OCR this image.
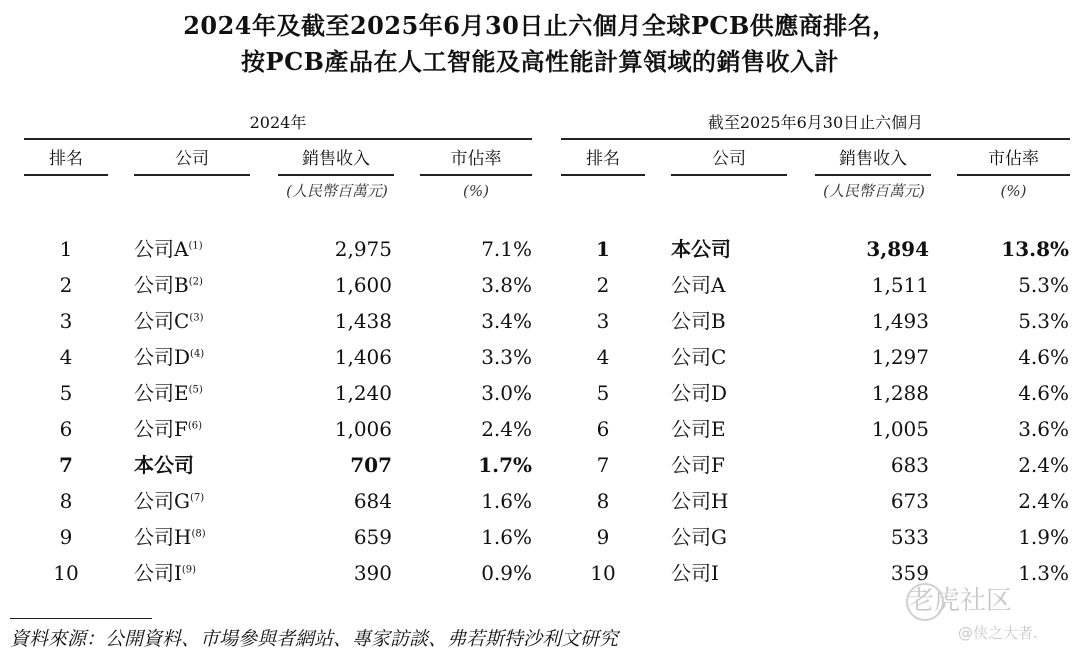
2024年及截至2025年6月30日止六個月全球PCB供應商排名，
按PCB產品在人工智能及高性能計算領域的銷售收入計
2024年
排名	公司	銷售收入	市佔率
(人民幣百萬元)	(%)
1	公司$A^{(1)}$	2,975	7.1%
2	公司$B^{(2)}$	1,600	3.8%
3	公司$C^{(3)}$	1,438	3.4%
4	公司$D^{(4)}$	1,406	3.3%
5	公司$E^{(5)}$	1,240	3.0%
6	公司$F^{(6)}$	1,006	2.4%
7	本公司	707	1.7%
8	公司$G^{(7)}$	684	1.6%
9	公司$H^{(8)}$	659	1.6%
10	公司$I^{(9)}$	390	0.9%
截至2025年6月30日止六個月
排名	公司	銷售收入	市佔率
(人民幣百萬元)	(%)
1	本公司	3,894	13.8%
2	公司A	1,511	5.3%
3	公司B	1,493	5.3%
4	公司C	1,297	4.6%
5	公司D	1,288	4.6%
6	公司E	1,005	3.6%
7	公司F	683	2.4%
8	公司H	673	2.4%
9	公司G	533	1.9%
10	公司I	359	1.3%
資料來源：公開資料、市場參與者網站、專家訪談、弗若斯特沙利文研究
老虎社区
@侠之大者.
